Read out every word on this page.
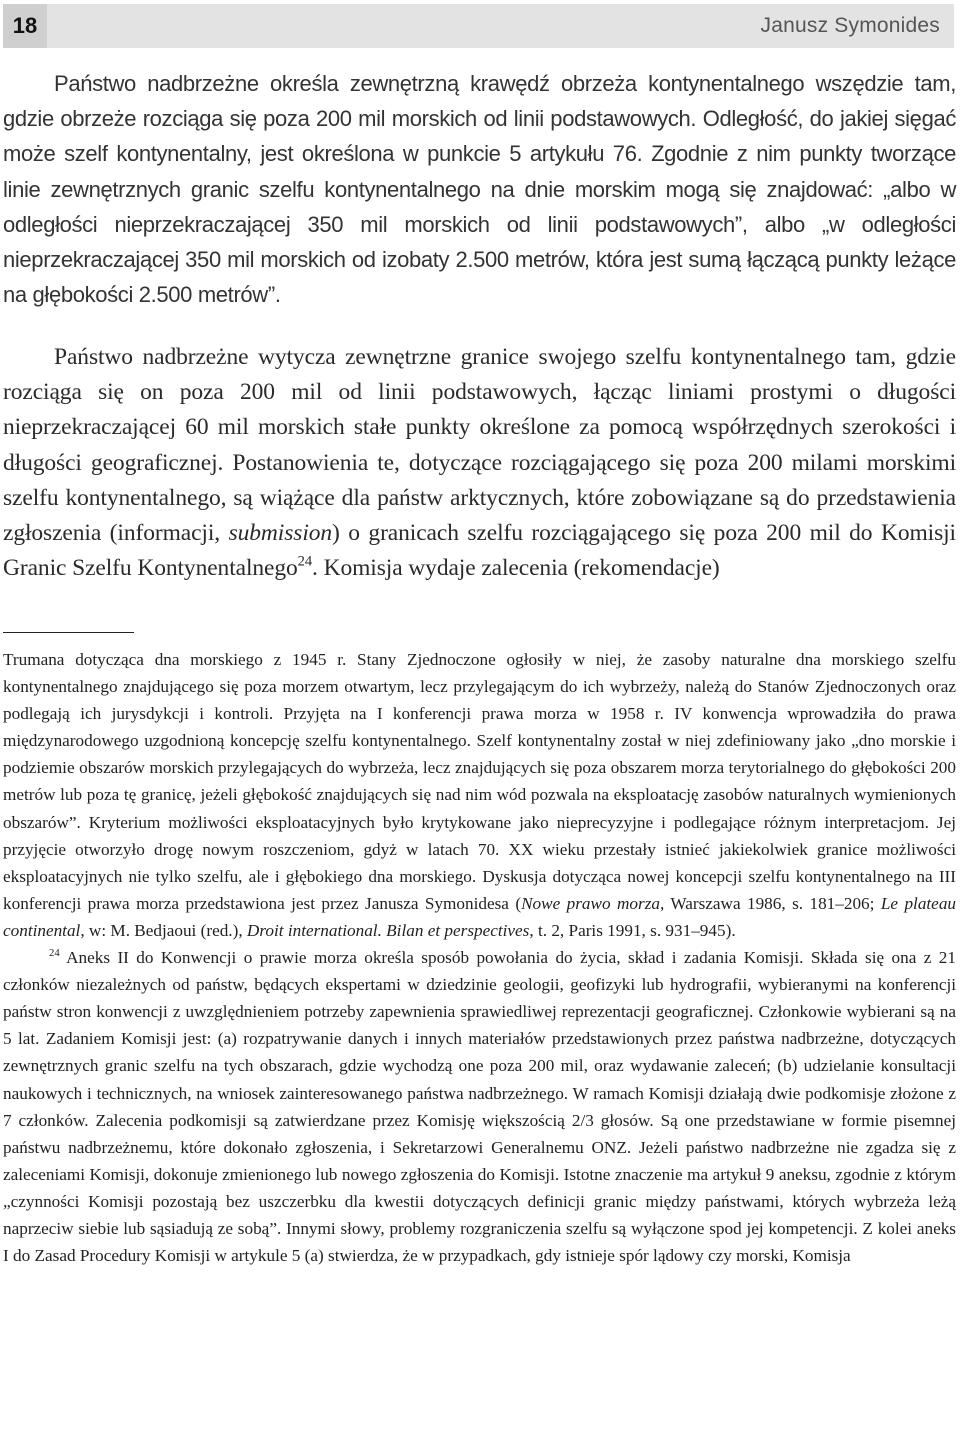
18	Janusz Symonides

Państwo nadbrzeżne określa zewnętrzną krawędź obrzeża kontynentalnego wszędzie tam, gdzie obrzeże rozciąga się poza 200 mil morskich od linii podstawowych. Odległość, do jakiej sięgać może szelf kontynentalny, jest określona w punkcie 5 artykułu 76. Zgodnie z nim punkty tworzące linie zewnętrznych granic szelfu kontynentalnego na dnie morskim mogą się znajdować: „albo w odległości nieprzekraczającej 350 mil morskich od linii podstawowych”, albo „w odległości nieprzekraczającej 350 mil morskich od izobaty 2.500 metrów, która jest sumą łączącą punkty leżące na głębokości 2.500 metrów”.

Państwo nadbrzeżne wytycza zewnętrzne granice swojego szelfu kontynentalnego tam, gdzie rozciąga się on poza 200 mil od linii podstawowych, łącząc liniami prostymi o długości nieprzekraczającej 60 mil morskich stałe punkty określone za pomocą współrzędnych szerokości i długości geograficznej. Postanowienia te, dotyczące rozciągającego się poza 200 milami morskimi szelfu kontynentalnego, są wiążące dla państw arktycznych, które zobowiązane są do przedstawienia zgłoszenia (informacji, submission) o granicach szelfu rozciągającego się poza 200 mil do Komisji Granic Szelfu Kontynentalnego$^{24}$. Komisja wydaje zalecenia (rekomendacje)

Trumana dotycząca dna morskiego z 1945 r. Stany Zjednoczone ogłosiły w niej, że zasoby naturalne dna morskiego szelfu kontynentalnego znajdującego się poza morzem otwartym, lecz przylegającym do ich wybrzeży, należą do Stanów Zjednoczonych oraz podlegają ich jurysdykcji i kontroli. Przyjęta na I konferencji prawa morza w 1958 r. IV konwencja wprowadziła do prawa międzynarodowego uzgodnioną koncepcję szelfu kontynentalnego. Szelf kontynentalny został w niej zdefiniowany jako „dno morskie i podziemie obszarów morskich przylegających do wybrzeża, lecz znajdujących się poza obszarem morza terytorialnego do głębokości 200 metrów lub poza tę granicę, jeżeli głębokość znajdujących się nad nim wód pozwala na eksploatację zasobów naturalnych wymienionych obszarów”. Kryterium możliwości eksploatacyjnych było krytykowane jako nieprecyzyjne i podlegające różnym interpretacjom. Jej przyjęcie otworzyło drogę nowym roszczeniom, gdyż w latach 70. XX wieku przestały istnieć jakiekolwiek granice możliwości eksploatacyjnych nie tylko szelfu, ale i głębokiego dna morskiego. Dyskusja dotycząca nowej koncepcji szelfu kontynentalnego na III konferencji prawa morza przedstawiona jest przez Janusza Symonidesa (Nowe prawo morza, Warszawa 1986, s. 181–206; Le plateau continental, w: M. Bedjaoui (red.), Droit international. Bilan et perspectives, t. 2, Paris 1991, s. 931–945).

$^{24}$ Aneks II do Konwencji o prawie morza określa sposób powołania do życia, skład i zadania Komisji. Składa się ona z 21 członków niezależnych od państw, będących ekspertami w dziedzinie geologii, geofizyki lub hydrografii, wybieranymi na konferencji państw stron konwencji z uwzględnieniem potrzeby zapewnienia sprawiedliwej reprezentacji geograficznej. Członkowie wybierani są na 5 lat. Zadaniem Komisji jest: (a) rozpatrywanie danych i innych materiałów przedstawionych przez państwa nadbrzeżne, dotyczących zewnętrznych granic szelfu na tych obszarach, gdzie wychodzą one poza 200 mil, oraz wydawanie zaleceń; (b) udzielanie konsultacji naukowych i technicznych, na wniosek zainteresowanego państwa nadbrzeżnego. W ramach Komisji działają dwie podkomisje złożone z 7 członków. Zalecenia podkomisji są zatwierdzane przez Komisję większością 2/3 głosów. Są one przedstawiane w formie pisemnej państwu nadbrzeżnemu, które dokonało zgłoszenia, i Sekretarzowi Generalnemu ONZ. Jeżeli państwo nadbrzeżne nie zgadza się z zaleceniami Komisji, dokonuje zmienionego lub nowego zgłoszenia do Komisji. Istotne znaczenie ma artykuł 9 aneksu, zgodnie z którym „czynności Komisji pozostają bez uszczerbku dla kwestii dotyczących definicji granic między państwami, których wybrzeża leżą naprzeciw siebie lub sąsiadują ze sobą”. Innymi słowy, problemy rozgraniczenia szelfu są wyłączone spod jej kompetencji. Z kolei aneks I do Zasad Procedury Komisji w artykule 5 (a) stwierdza, że w przypadkach, gdy istnieje spór lądowy czy morski, Komisja
